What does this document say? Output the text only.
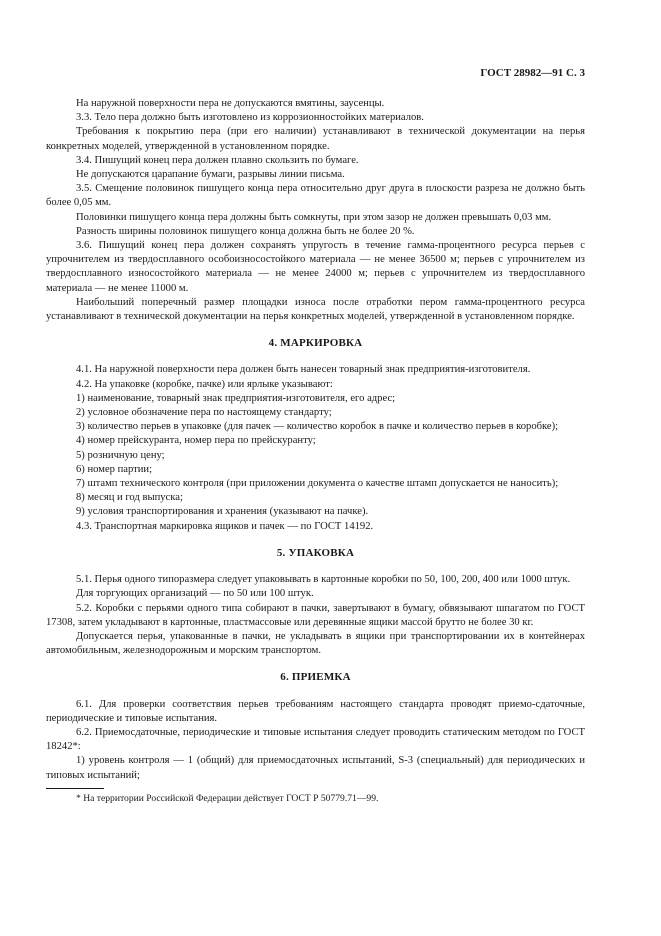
ГОСТ 28982—91 С. 3

На наружной поверхности пера не допускаются вмятины, заусенцы.

3.3. Тело пера должно быть изготовлено из коррозионностойких материалов.

Требования к покрытию пера (при его наличии) устанавливают в технической документации на перья конкретных моделей, утвержденной в установленном порядке.

3.4. Пишущий конец пера должен плавно скользить по бумаге.

Не допускаются царапание бумаги, разрывы линии письма.

3.5. Смещение половинок пишущего конца пера относительно друг друга в плоскости разреза не должно быть более 0,05 мм.

Половинки пишущего конца пера должны быть сомкнуты, при этом зазор не должен превышать 0,03 мм.

Разность ширины половинок пишущего конца должна быть не более 20 %.

3.6. Пишущий конец пера должен сохранять упругость в течение гамма-процентного ресурса перьев с упрочнителем из твердосплавного особоизносостойкого материала — не менее 36500 м; перьев с упрочнителем из твердосплавного износостойкого материала — не менее 24000 м; перьев с упрочнителем из твердосплавного материала — не менее 11000 м.

Наибольший поперечный размер площадки износа после отработки пером гамма-процентного ресурса устанавливают в технической документации на перья конкретных моделей, утвержденной в установленном порядке.

4. МАРКИРОВКА

4.1. На наружной поверхности пера должен быть нанесен товарный знак предприятия-изготовителя.

4.2. На упаковке (коробке, пачке) или ярлыке указывают:

1) наименование, товарный знак предприятия-изготовителя, его адрес;

2) условное обозначение пера по настоящему стандарту;

3) количество перьев в упаковке (для пачек — количество коробок в пачке и количество перьев в коробке);

4) номер прейскуранта, номер пера по прейскуранту;

5) розничную цену;

6) номер партии;

7) штамп технического контроля (при приложении документа о качестве штамп допускается не наносить);

8) месяц и год выпуска;

9) условия транспортирования и хранения (указывают на пачке).

4.3. Транспортная маркировка ящиков и пачек — по ГОСТ 14192.

5. УПАКОВКА

5.1. Перья одного типоразмера следует упаковывать в картонные коробки по 50, 100, 200, 400 или 1000 штук.

Для торгующих организаций — по 50 или 100 штук.

5.2. Коробки с перьями одного типа собирают в пачки, завертывают в бумагу, обвязывают шпагатом по ГОСТ 17308, затем укладывают в картонные, пластмассовые или деревянные ящики массой брутто не более 30 кг.

Допускается перья, упакованные в пачки, не укладывать в ящики при транспортировании их в контейнерах автомобильным, железнодорожным и морским транспортом.

6. ПРИЕМКА

6.1. Для проверки соответствия перьев требованиям настоящего стандарта проводят приемо-сдаточные, периодические и типовые испытания.

6.2. Приемосдаточные, периодические и типовые испытания следует проводить статическим методом по ГОСТ 18242*:

1) уровень контроля — 1 (общий) для приемосдаточных испытаний, S-3 (специальный) для периодических и типовых испытаний;

* На территории Российской Федерации действует ГОСТ Р 50779.71—99.
